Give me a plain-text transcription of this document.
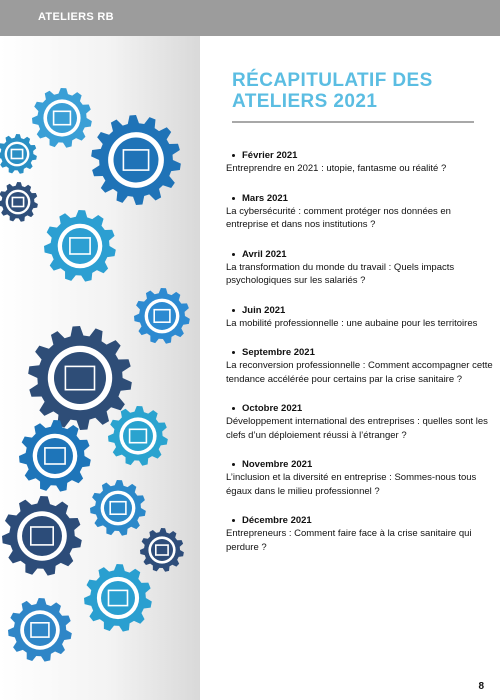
ATELIERS RB
RÉCAPITULATIF DES ATELIERS 2021
Février 2021
Entreprendre en 2021 : utopie, fantasme ou réalité ?
Mars 2021
La cybersécurité : comment protéger nos données en entreprise et dans nos institutions ?
Avril 2021
La transformation du monde du travail : Quels impacts psychologiques sur les salariés ?
Juin 2021
La mobilité professionnelle : une aubaine pour les territoires
Septembre 2021
La reconversion professionnelle : Comment accompagner cette tendance accélérée pour certains par la crise sanitaire ?
Octobre 2021
Développement international des entreprises : quelles sont les clefs d’un déploiement réussi à l’étranger ?
Novembre 2021
L’inclusion et la diversité en entreprise : Sommes-nous tous égaux dans le milieu professionnel ?
Décembre 2021
Entrepreneurs : Comment faire face à la crise sanitaire qui perdure ?
8
